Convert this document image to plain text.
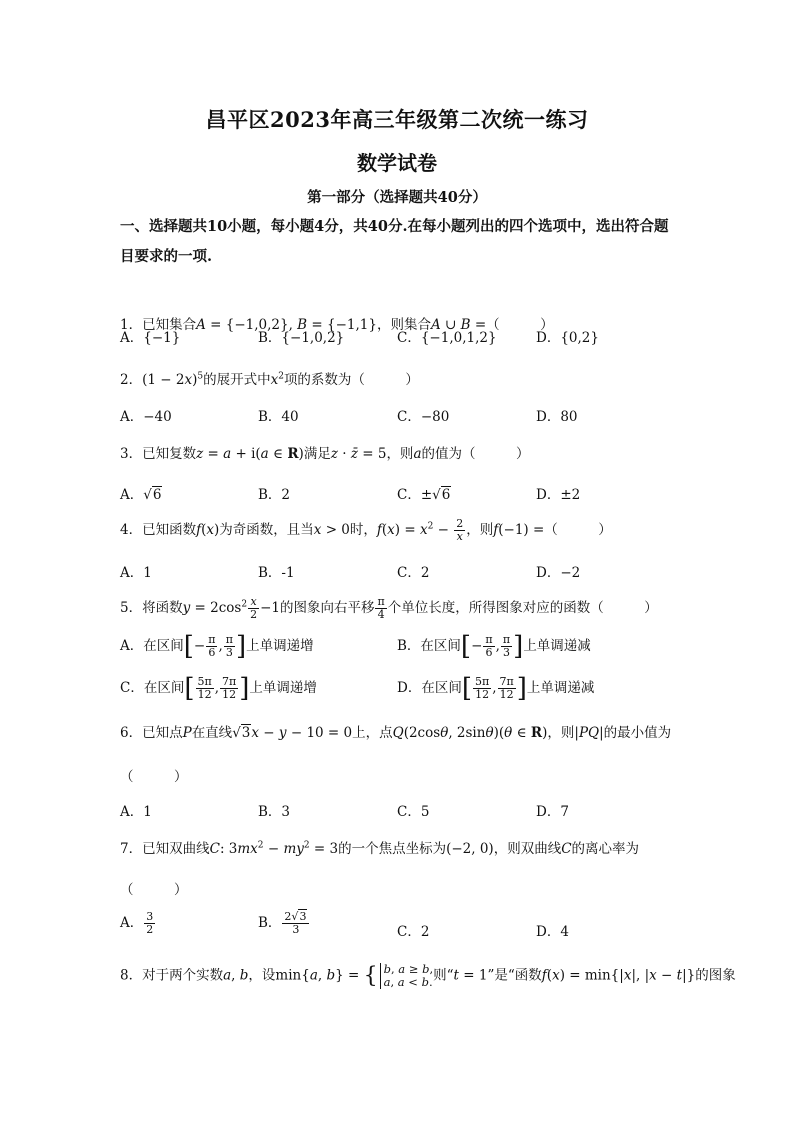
昌平区2023年高三年级第二次统一练习
数学试卷
第一部分（选择题共40分）
一、选择题共10小题，每小题4分，共40分.在每小题列出的四个选项中，选出符合题目要求的一项.
1．已知集合A = {−1,0,2}, B = {−1,1}，则集合A ∪ B =（　　　）
A．{−1}	B．{−1,0,2}	C．{−1,0,1,2}	D．{0,2}
2．$(1 - 2x)^5$的展开式中$x^2$项的系数为（　　　）
A．−40	B．40	C．−80	D．80
3．已知复数z = a + i(a ∈ R)满足z · z̄ = 5，则a的值为（　　　）
A．√6	B．2	C．±√6	D．±2
4．已知函数f(x)为奇函数，且当x > 0时，$f(x) = x^2 - \frac{2}{x}$ ，则f(−1) =（　　　）
A．1	B．-1	C．2	D．−2
5．将函数$y = 2\cos^2 \frac{x}{2} -1$的图象向右平移 $\frac{\pi}{4}$ 个单位长度，所得图象对应的函数（　　　）
A．在区间[− $\frac{\pi}{6}$ , $\frac{\pi}{3}$ ]上单调递增	B．在区间[− $\frac{\pi}{6}$ , $\frac{\pi}{3}$ ]上单调递减
C．在区间[ $\frac{5\pi}{12}$ , $\frac{7\pi}{12}$ ]上单调递增	D．在区间[ $\frac{5\pi}{12}$ , $\frac{7\pi}{12}$ ]上单调递减
6．已知点P在直线√3x − y − 10 = 0上，点Q(2cosθ, 2sinθ)(θ ∈ R)，则|PQ|的最小值为
（　　　）
A．1	B．3	C．5	D．7
7．已知双曲线C: $3mx^2 - my^2 = 3$的一个焦点坐标为(−2, 0)，则双曲线C的离心率为
（　　　）
A． $\frac{3}{2}$	B． $\frac{2√3}{3}$	C．2	D．4
8．对于两个实数a, b，设min{a, b} = { b, a ≥ b,
a, a < b.则“t = 1”是“函数f(x) = min{|x|, |x − t|}的图象
